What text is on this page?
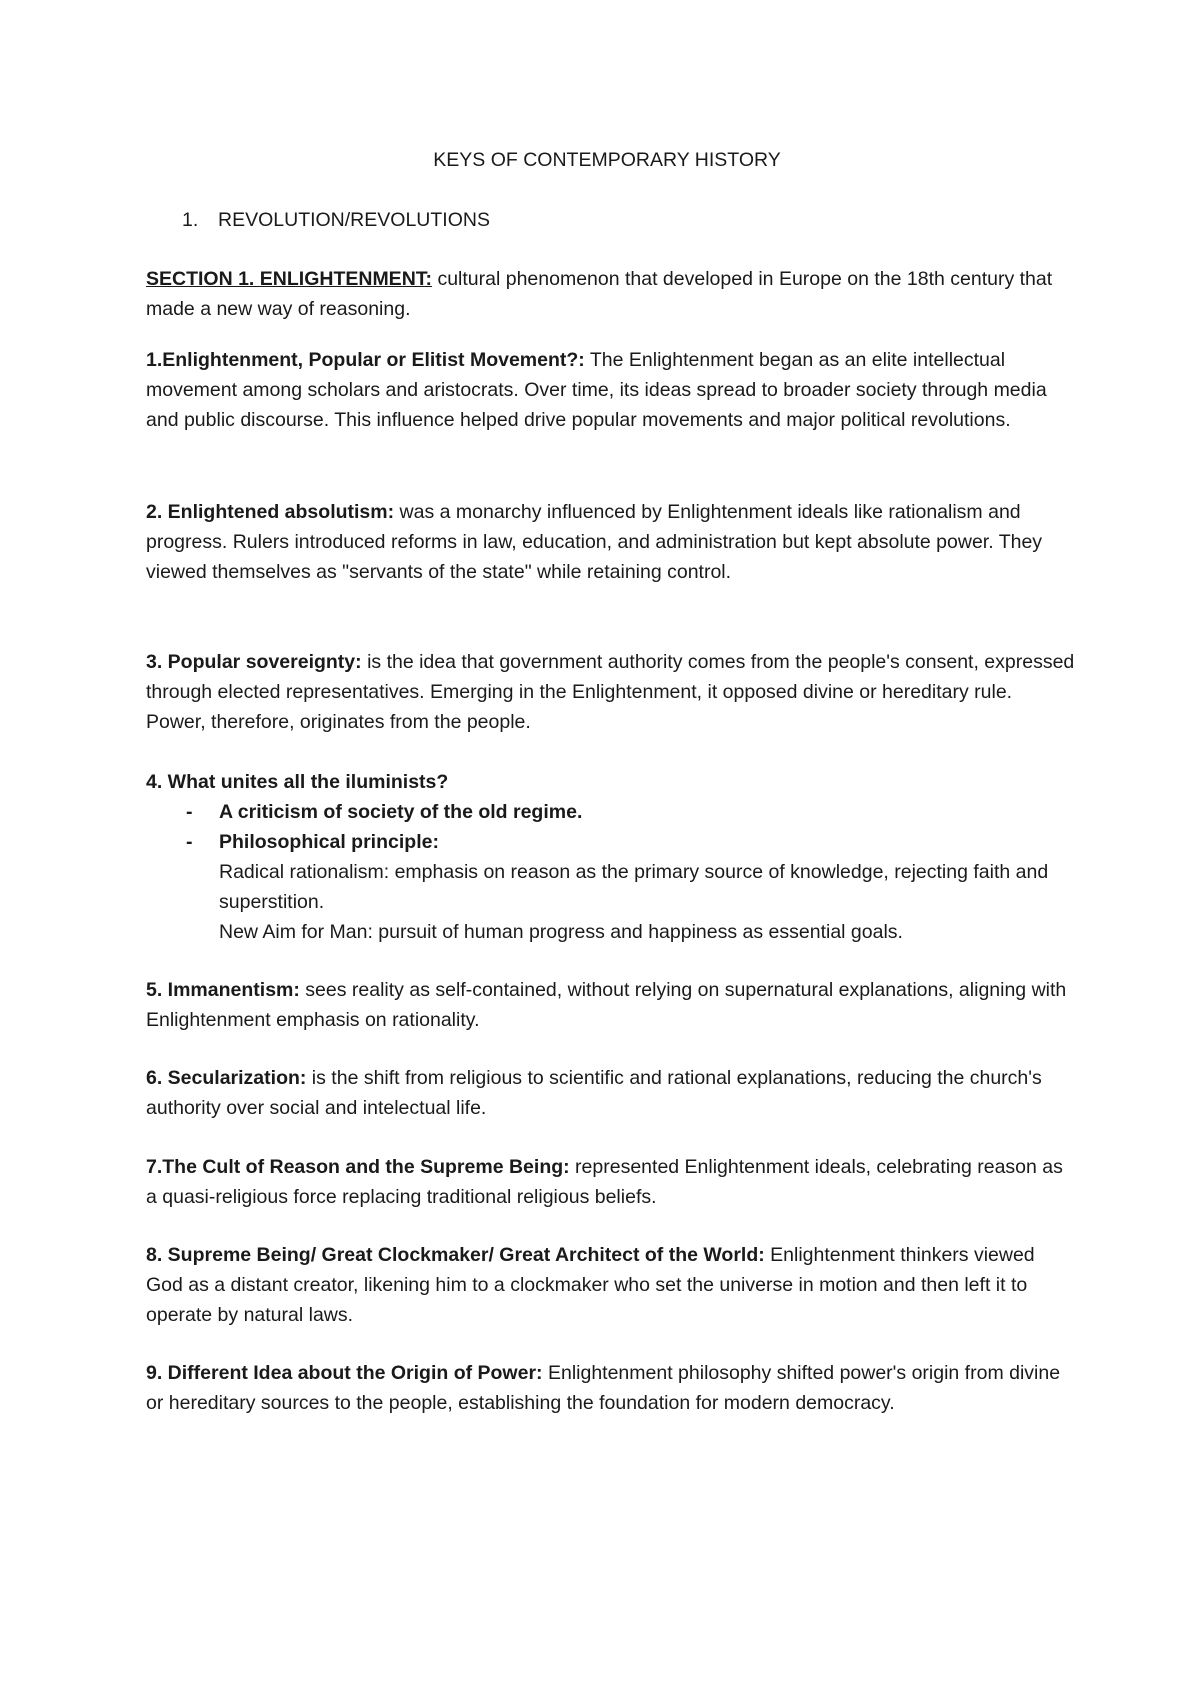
KEYS OF CONTEMPORARY HISTORY
1. REVOLUTION/REVOLUTIONS
SECTION 1. ENLIGHTENMENT: cultural phenomenon that developed in Europe on the 18th century that made a new way of reasoning.
1.Enlightenment, Popular or Elitist Movement?: The Enlightenment began as an elite intellectual movement among scholars and aristocrats. Over time, its ideas spread to broader society through media and public discourse. This influence helped drive popular movements and major political revolutions.
2. Enlightened absolutism: was a monarchy influenced by Enlightenment ideals like rationalism and progress. Rulers introduced reforms in law, education, and administration but kept absolute power. They viewed themselves as "servants of the state" while retaining control.
3. Popular sovereignty: is the idea that government authority comes from the people's consent, expressed through elected representatives. Emerging in the Enlightenment, it opposed divine or hereditary rule. Power, therefore, originates from the people.
4. What unites all the iluminists?
- A criticism of society of the old regime.
- Philosophical principle:
Radical rationalism: emphasis on reason as the primary source of knowledge, rejecting faith and superstition.
New Aim for Man: pursuit of human progress and happiness as essential goals.
5. Immanentism: sees reality as self-contained, without relying on supernatural explanations, aligning with Enlightenment emphasis on rationality.
6. Secularization: is the shift from religious to scientific and rational explanations, reducing the church's authority over social and intelectual life.
7.The Cult of Reason and the Supreme Being: represented Enlightenment ideals, celebrating reason as a quasi-religious force replacing traditional religious beliefs.
8. Supreme Being/ Great Clockmaker/ Great Architect of the World: Enlightenment thinkers viewed God as a distant creator, likening him to a clockmaker who set the universe in motion and then left it to operate by natural laws.
9. Different Idea about the Origin of Power: Enlightenment philosophy shifted power's origin from divine or hereditary sources to the people, establishing the foundation for modern democracy.
